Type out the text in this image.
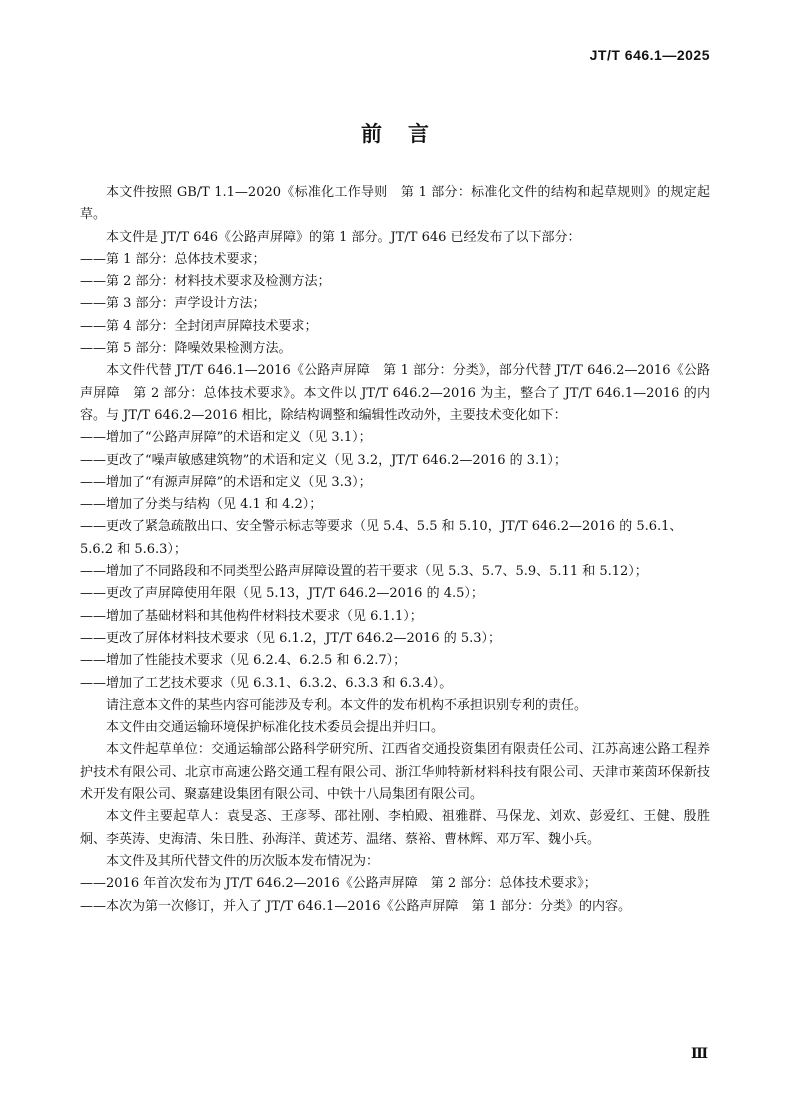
JT/T 646.1—2025
前言

本文件按照 GB/T 1.1—2020《标准化工作导则　第 1 部分：标准化文件的结构和起草规则》的规定起草。

本文件是 JT/T 646《公路声屏障》的第 1 部分。JT/T 646 已经发布了以下部分：

——第 1 部分：总体技术要求；

——第 2 部分：材料技术要求及检测方法；

——第 3 部分：声学设计方法；

——第 4 部分：全封闭声屏障技术要求；

——第 5 部分：降噪效果检测方法。

本文件代替 JT/T 646.1—2016《公路声屏障　第 1 部分：分类》，部分代替 JT/T 646.2—2016《公路声屏障　第 2 部分：总体技术要求》。本文件以 JT/T 646.2—2016 为主，整合了 JT/T 646.1—2016 的内容。与 JT/T 646.2—2016 相比，除结构调整和编辑性改动外，主要技术变化如下：

——增加了“公路声屏障”的术语和定义（见 3.1）；

——更改了“噪声敏感建筑物”的术语和定义（见 3.2，JT/T 646.2—2016 的 3.1）；

——增加了“有源声屏障”的术语和定义（见 3.3）；

——增加了分类与结构（见 4.1 和 4.2）；

——更改了紧急疏散出口、安全警示标志等要求（见 5.4、5.5 和 5.10，JT/T 646.2—2016 的 5.6.1、5.6.2 和 5.6.3）；

——增加了不同路段和不同类型公路声屏障设置的若干要求（见 5.3、5.7、5.9、5.11 和 5.12）；

——更改了声屏障使用年限（见 5.13，JT/T 646.2—2016 的 4.5）；

——增加了基础材料和其他构件材料技术要求（见 6.1.1）；

——更改了屏体材料技术要求（见 6.1.2，JT/T 646.2—2016 的 5.3）；

——增加了性能技术要求（见 6.2.4、6.2.5 和 6.2.7）；

——增加了工艺技术要求（见 6.3.1、6.3.2、6.3.3 和 6.3.4）。

请注意本文件的某些内容可能涉及专利。本文件的发布机构不承担识别专利的责任。

本文件由交通运输环境保护标准化技术委员会提出并归口。

本文件起草单位：交通运输部公路科学研究所、江西省交通投资集团有限责任公司、江苏高速公路工程养护技术有限公司、北京市高速公路交通工程有限公司、浙江华帅特新材料科技有限公司、天津市莱茵环保新技术开发有限公司、聚嘉建设集团有限公司、中铁十八局集团有限公司。

本文件主要起草人：袁旻忞、王彦琴、邵社刚、李柏殿、祖雅群、马保龙、刘欢、彭爱红、王健、殷胜炯、李英涛、史海清、朱日胜、孙海洋、黄述芳、温绪、蔡裕、曹林辉、邓万军、魏小兵。

本文件及其所代替文件的历次版本发布情况为：

——2016 年首次发布为 JT/T 646.2—2016《公路声屏障　第 2 部分：总体技术要求》；

——本次为第一次修订，并入了 JT/T 646.1—2016《公路声屏障　第 1 部分：分类》的内容。

Ⅲ
